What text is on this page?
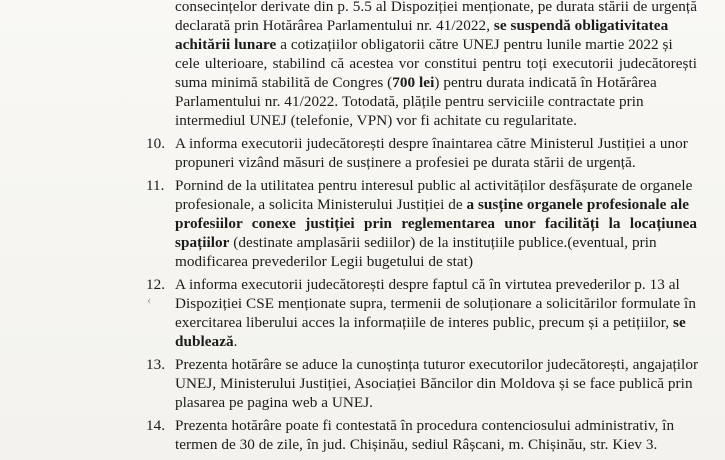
consecințelor derivate din p. 5.5 al Dispoziției menționate, pe durata stării de urgență
declarată prin Hotărârea Parlamentului nr. 41/2022, se suspendă obligativitatea
achitării lunare a cotizațiilor obligatorii către UNEJ pentru lunile martie 2022 și
cele ulterioare, stabilind că acestea vor constitui pentru toți executorii judecătorești
suma minimă stabilită de Congres (700 lei) pentru durata indicată în Hotărârea
Parlamentului nr. 41/2022. Totodată, plățile pentru serviciile contractate prin
intermediul UNEJ (telefonie, VPN) vor fi achitate cu regularitate.
10. A informa executorii judecătorești despre înaintarea către Ministerul Justiției a unor
propuneri vizând măsuri de susținere a profesiei pe durata stării de urgență.
11. Pornind de la utilitatea pentru interesul public al activităților desfășurate de organele
profesionale, a solicita Ministerului Justiției de a susține organele profesionale ale
profesiilor conexe justiției prin reglementarea unor facilități la locațiunea
spațiilor (destinate amplasării sediilor) de la instituțiile publice.(eventual, prin
modificarea prevederilor Legii bugetului de stat)
12. A informa executorii judecătorești despre faptul că în virtutea prevederilor p. 13 al
‹ Dispoziției CSE menționate supra, termenii de soluționare a solicitărilor formulate în
exercitarea liberului acces la informațiile de interes public, precum și a petițiilor, se
dublează.
13. Prezenta hotărâre se aduce la cunoștința tuturor executorilor judecătorești, angajaților
UNEJ, Ministerului Justiției, Asociației Băncilor din Moldova și se face publică prin
plasarea pe pagina web a UNEJ.
14. Prezenta hotărâre poate fi contestată în procedura contenciosului administrativ, în
termen de 30 de zile, în jud. Chișinău, sediul Râșcani, m. Chișinău, str. Kiev 3.
